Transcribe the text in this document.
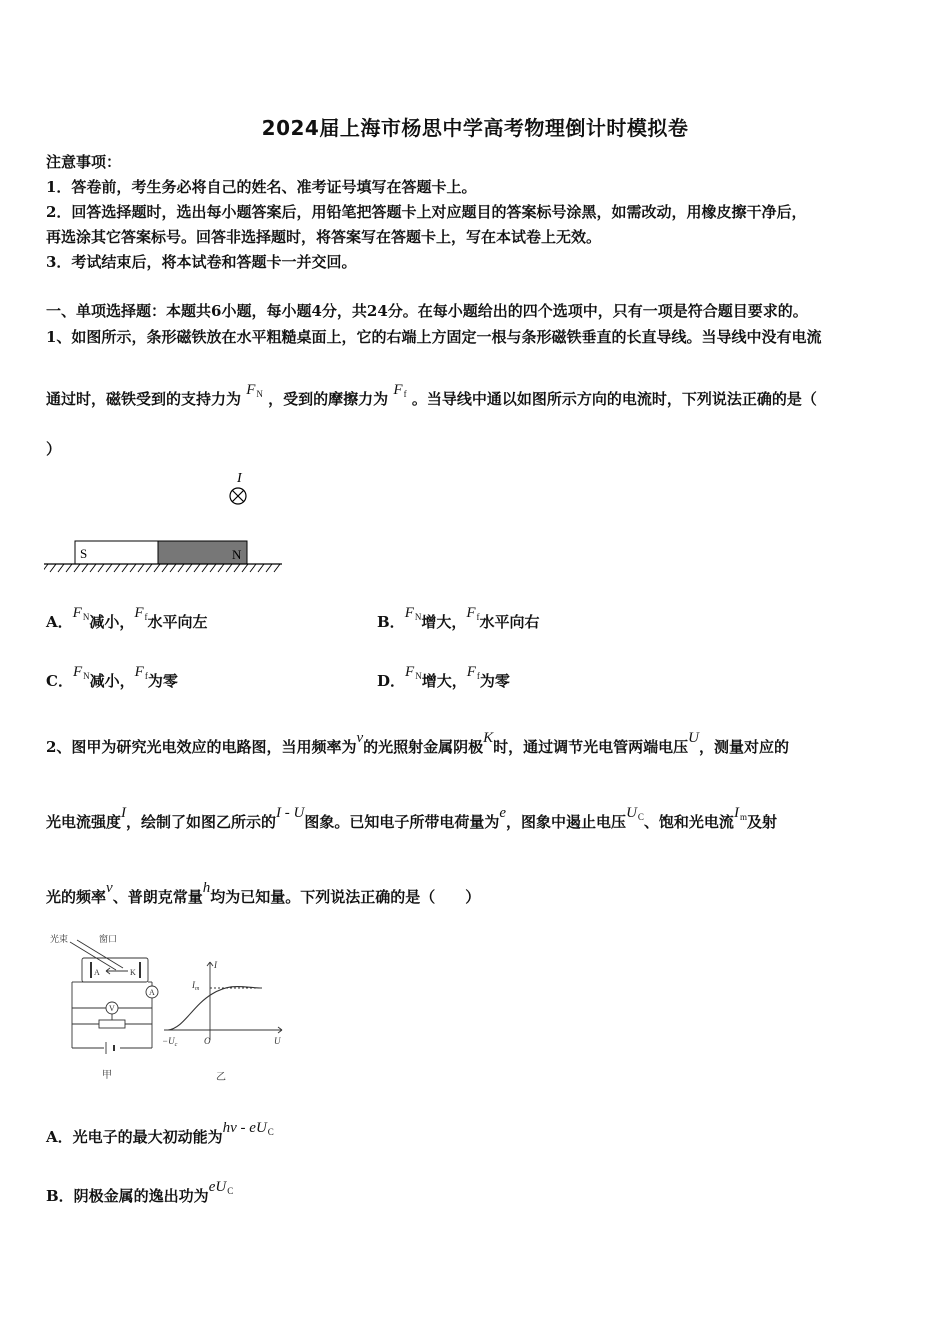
2024届上海市杨思中学高考物理倒计时模拟卷
注意事项：
1．答卷前，考生务必将自己的姓名、准考证号填写在答题卡上。
2．回答选择题时，选出每小题答案后，用铅笔把答题卡上对应题目的答案标号涂黑，如需改动，用橡皮擦干净后，
再选涂其它答案标号。回答非选择题时，将答案写在答题卡上，写在本试卷上无效。
3．考试结束后，将本试卷和答题卡一并交回。
一、单项选择题：本题共6小题，每小题4分，共24分。在每小题给出的四个选项中，只有一项是符合题目要求的。
1、如图所示，条形磁铁放在水平粗糙桌面上，它的右端上方固定一根与条形磁铁垂直的长直导线。当导线中没有电流
通过时，磁铁受到的支持力为 $F_N$ ，受到的摩擦力为 $F_f$ 。当导线中通以如图所示方向的电流时，下列说法正确的是（
）
I
S	N
A．$F_N$减小，$F_f$水平向左	B．$F_N$增大，$F_f$水平向右
C．$F_N$减小，$F_f$为零	D．$F_N$增大，$F_f$为零
2、图甲为研究光电效应的电路图，当用频率为v的光照射金属阴极K时，通过调节光电管两端电压U，测量对应的
光电流强度I，绘制了如图乙所示的I - U图象。已知电子所带电荷量为e，图象中遏止电压$U_C$、饱和光电流$I_m$及射
光的频率v、普朗克常量h均为已知量。下列说法正确的是（　　）
光束	窗口
A	K
A
V
甲
I
$I_m$
$-U_c$	O	U
乙
A．光电子的最大初动能为hv - $eU_C$
B．阴极金属的逸出功为$eU_C$
